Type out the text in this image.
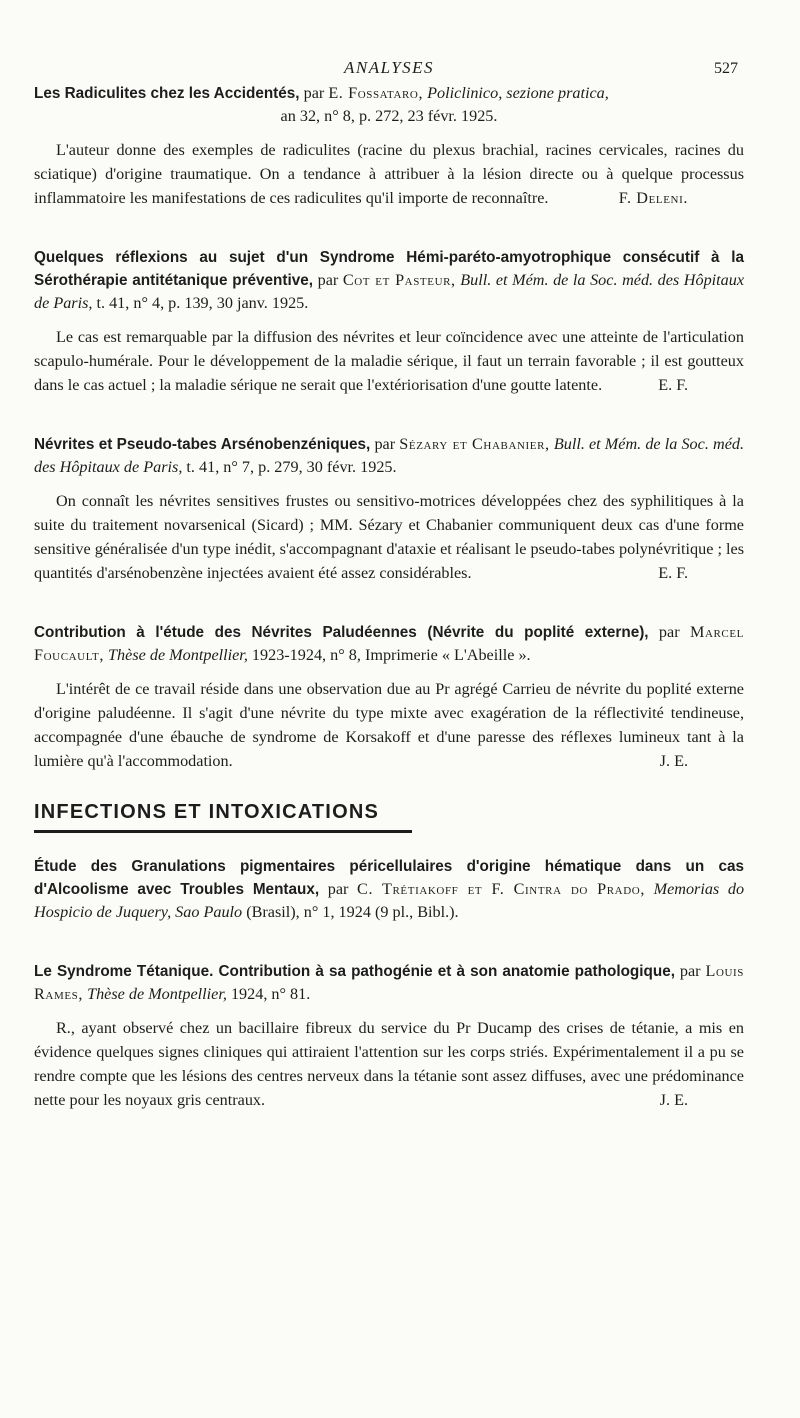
ANALYSES	527

Les Radiculites chez les Accidentés, par E. Fossataro, Policlinico, sezione pratica,
an 32, n° 8, p. 272, 23 févr. 1925.

L'auteur donne des exemples de radiculites (racine du plexus brachial, racines cervicales, racines du sciatique) d'origine traumatique. On a tendance à attribuer à la lésion directe ou à quelque processus inflammatoire les manifestations de ces radiculites qu'il importe de reconnaître.	F. Deleni.

Quelques réflexions au sujet d'un Syndrome Hémi-paréto-amyotrophique consécutif à la Sérothérapie antitétanique préventive, par Cot et Pasteur, Bull. et Mém. de la Soc. méd. des Hôpitaux de Paris, t. 41, n° 4, p. 139, 30 janv. 1925.

Le cas est remarquable par la diffusion des névrites et leur coïncidence avec une atteinte de l'articulation scapulo-humérale. Pour le développement de la maladie sérique, il faut un terrain favorable ; il est goutteux dans le cas actuel ; la maladie sérique ne serait que l'extériorisation d'une goutte latente.	E. F.

Névrites et Pseudo-tabes Arsénobenzéniques, par Sézary et Chabanier, Bull. et Mém. de la Soc. méd. des Hôpitaux de Paris, t. 41, n° 7, p. 279, 30 févr. 1925.

On connaît les névrites sensitives frustes ou sensitivo-motrices développées chez des syphilitiques à la suite du traitement novarsenical (Sicard) ; MM. Sézary et Chabanier communiquent deux cas d'une forme sensitive généralisée d'un type inédit, s'accompagnant d'ataxie et réalisant le pseudo-tabes polynévritique ; les quantités d'arsénobenzène injectées avaient été assez considérables.	E. F.

Contribution à l'étude des Névrites Paludéennes (Névrite du poplité externe), par Marcel Foucault, Thèse de Montpellier, 1923-1924, n° 8, Imprimerie « L'Abeille ».

L'intérêt de ce travail réside dans une observation due au Pr agrégé Carrieu de névrite du poplité externe d'origine paludéenne. Il s'agit d'une névrite du type mixte avec exagération de la réflectivité tendineuse, accompagnée d'une ébauche de syndrome de Korsakoff et d'une paresse des réflexes lumineux tant à la lumière qu'à l'accommodation.	J. E.

INFECTIONS ET INTOXICATIONS

Étude des Granulations pigmentaires péricellulaires d'origine hématique dans un cas d'Alcoolisme avec Troubles Mentaux, par C. Trétiakoff et F. Cintra do Prado, Memorias do Hospicio de Juquery, Sao Paulo (Brasil), n° 1, 1924 (9 pl., Bibl.).

Le Syndrome Tétanique. Contribution à sa pathogénie et à son anatomie pathologique, par Louis Rames, Thèse de Montpellier, 1924, n° 81.

R., ayant observé chez un bacillaire fibreux du service du Pr Ducamp des crises de tétanie, a mis en évidence quelques signes cliniques qui attiraient l'attention sur les corps striés. Expérimentalement il a pu se rendre compte que les lésions des centres nerveux dans la tétanie sont assez diffuses, avec une prédominance nette pour les noyaux gris centraux.	J. E.
